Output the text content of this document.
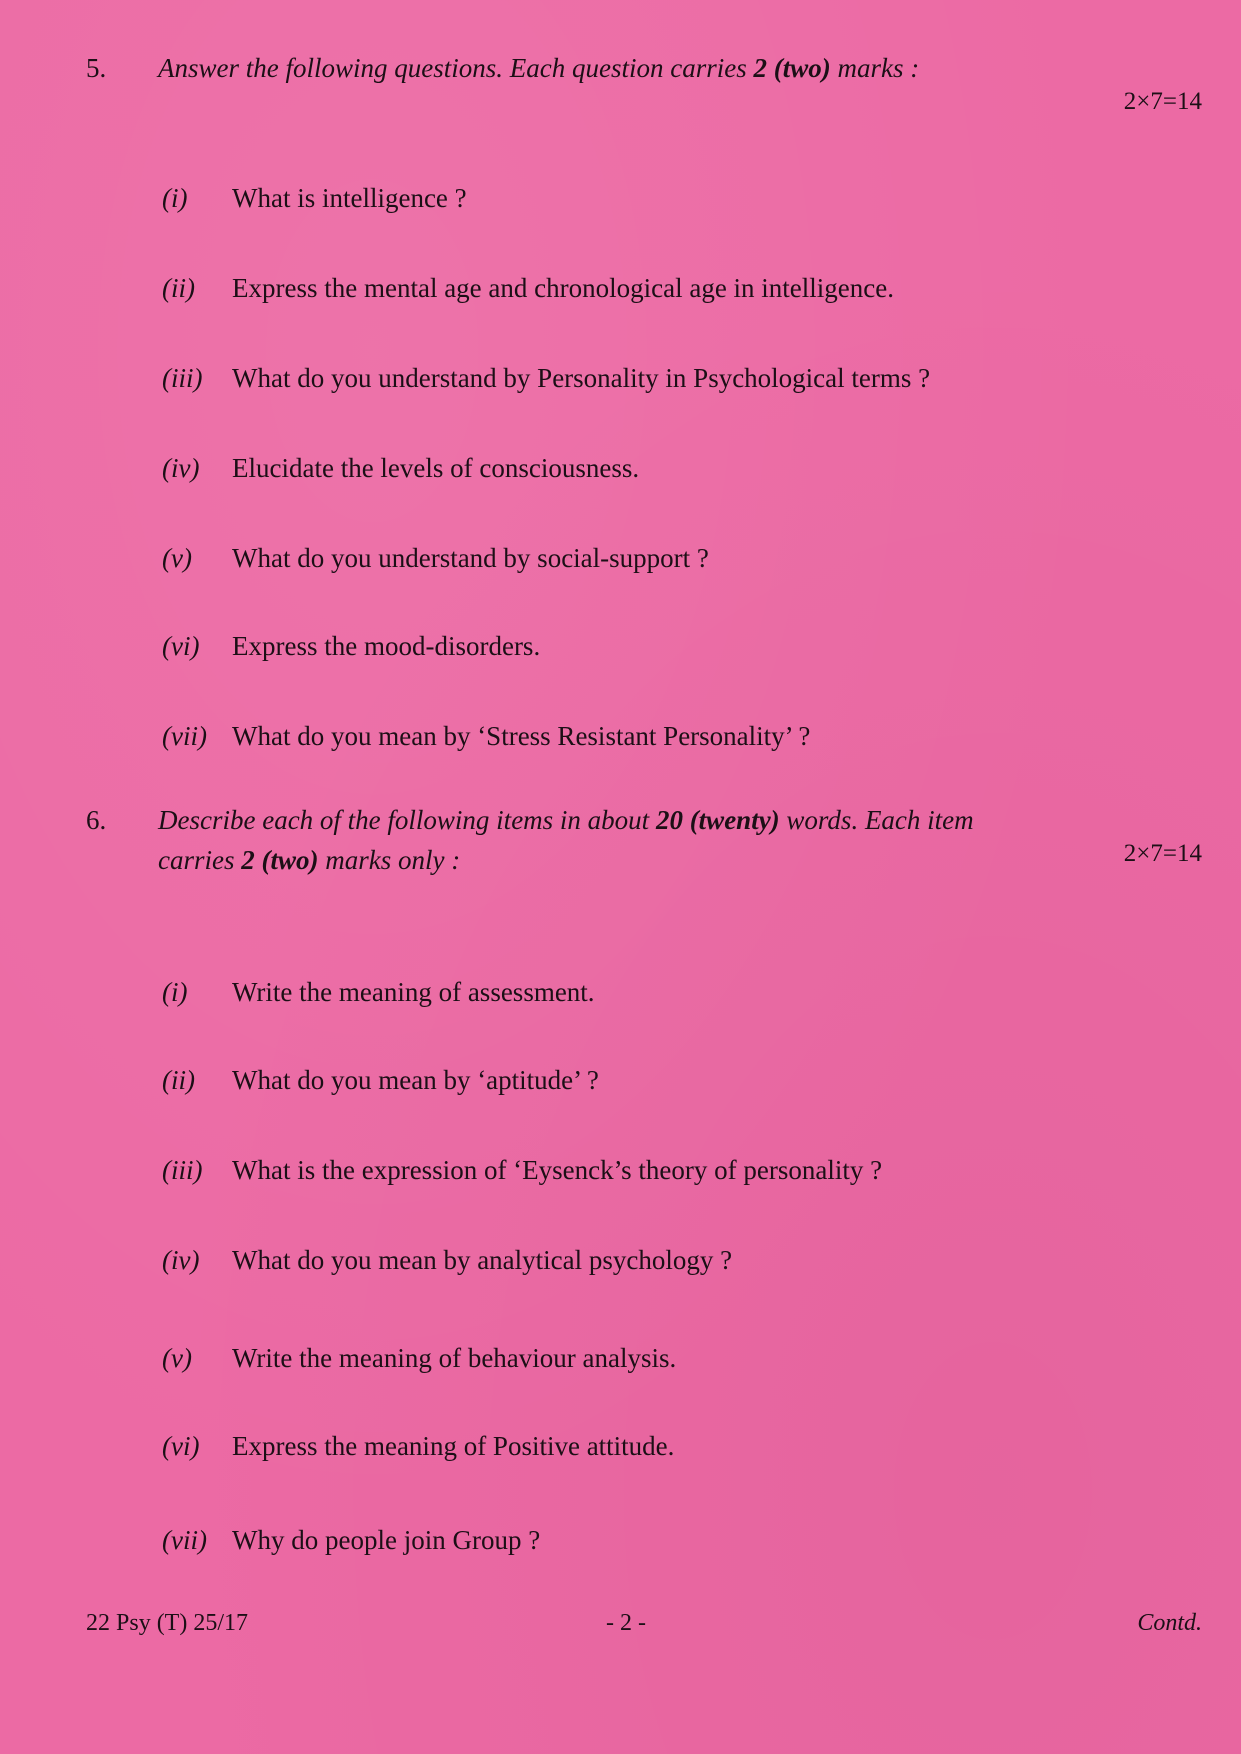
5. Answer the following questions. Each question carries 2 (two) marks :
2×7=14
(i) What is intelligence ?
(ii) Express the mental age and chronological age in intelligence.
(iii) What do you understand by Personality in Psychological terms ?
(iv) Elucidate the levels of consciousness.
(v) What do you understand by social-support ?
(vi) Express the mood-disorders.
(vii) What do you mean by ‘Stress Resistant Personality’ ?
6. Describe each of the following items in about 20 (twenty) words. Each item carries 2 (two) marks only :	2×7=14
(i) Write the meaning of assessment.
(ii) What do you mean by ‘aptitude’ ?
(iii) What is the expression of ‘Eysenck’s theory of personality ?
(iv) What do you mean by analytical psychology ?
(v) Write the meaning of behaviour analysis.
(vi) Express the meaning of Positive attitude.
(vii) Why do people join Group ?
22 Psy (T) 25/17	- 2 -	Contd.
